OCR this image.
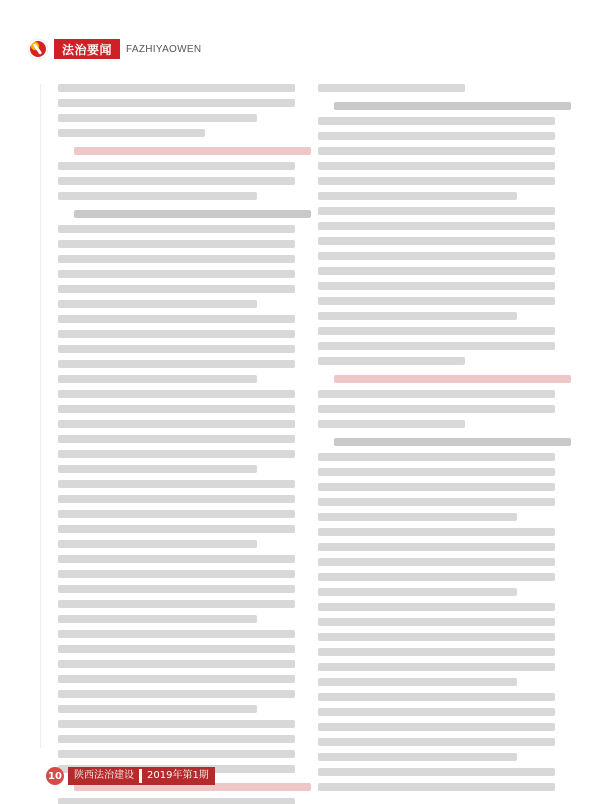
法治要闻	FAZHIYAOWEN
10 陕西法治建设 2019年第1期
